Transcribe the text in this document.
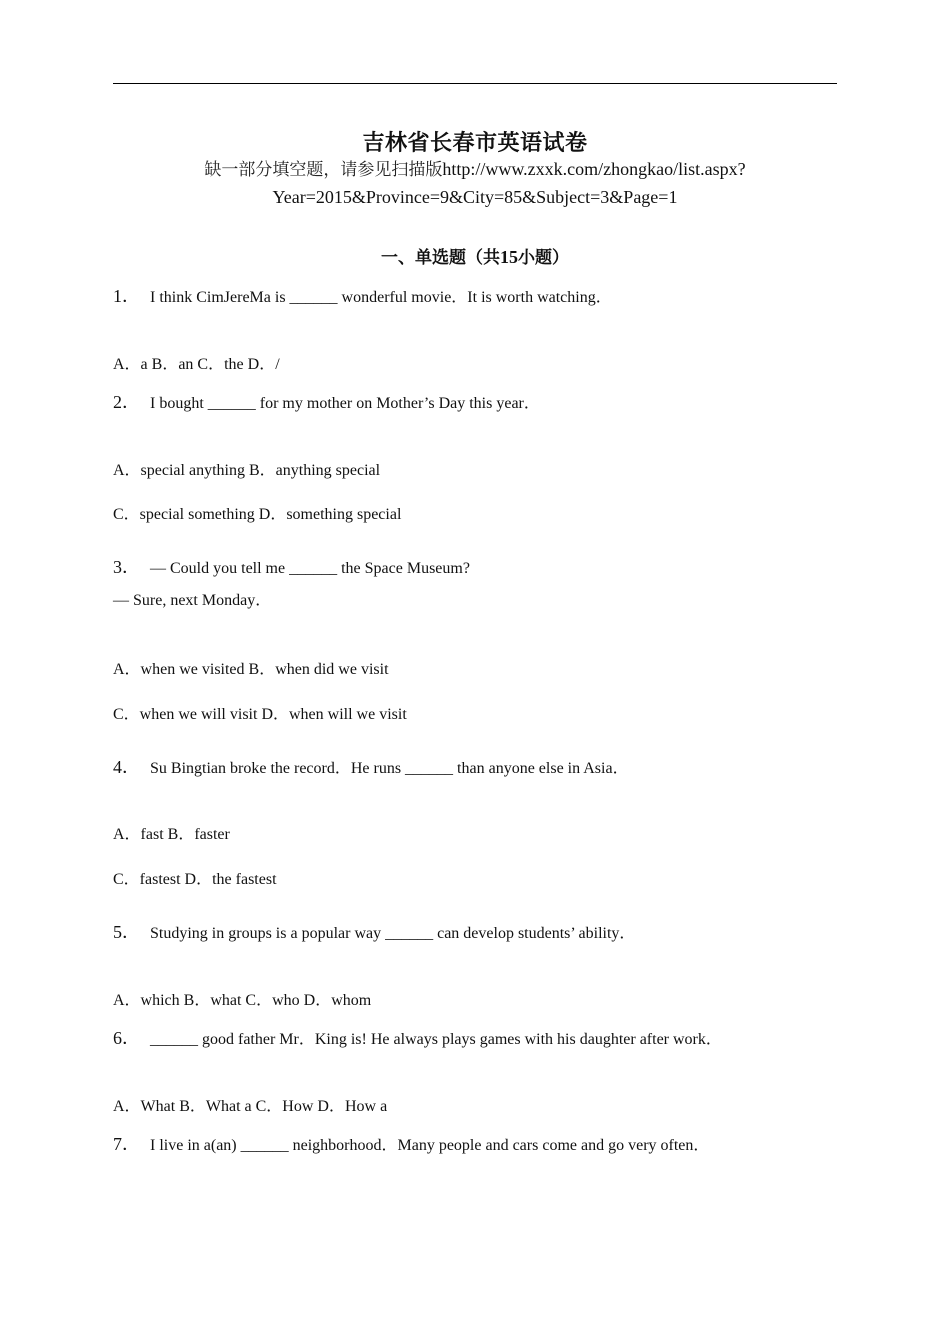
吉林省长春市英语试卷
缺一部分填空题，请参见扫描版http://www.zxxk.com/zhongkao/list.aspx?
Year=2015&Province=9&City=85&Subject=3&Page=1
一、单选题（共15小题）
1． I think CimJereMa is ______ wonderful movie．It is worth watching．
A．a B．an C．the D．/
2． I bought ______ for my mother on Mother’s Day this year．
A．special anything B．anything special
C．special something D．something special
3． — Could you tell me ______ the Space Museum?
— Sure, next Monday．
A．when we visited B．when did we visit
C．when we will visit D．when will we visit
4． Su Bingtian broke the record．He runs ______ than anyone else in Asia．
A．fast B．faster
C．fastest D．the fastest
5． Studying in groups is a popular way ______ can develop students’ ability．
A．which B．what C．who D．whom
6． ______ good father Mr．King is! He always plays games with his daughter after work．
A．What B．What a C．How D．How a
7． I live in a(an) ______ neighborhood．Many people and cars come and go very often．
